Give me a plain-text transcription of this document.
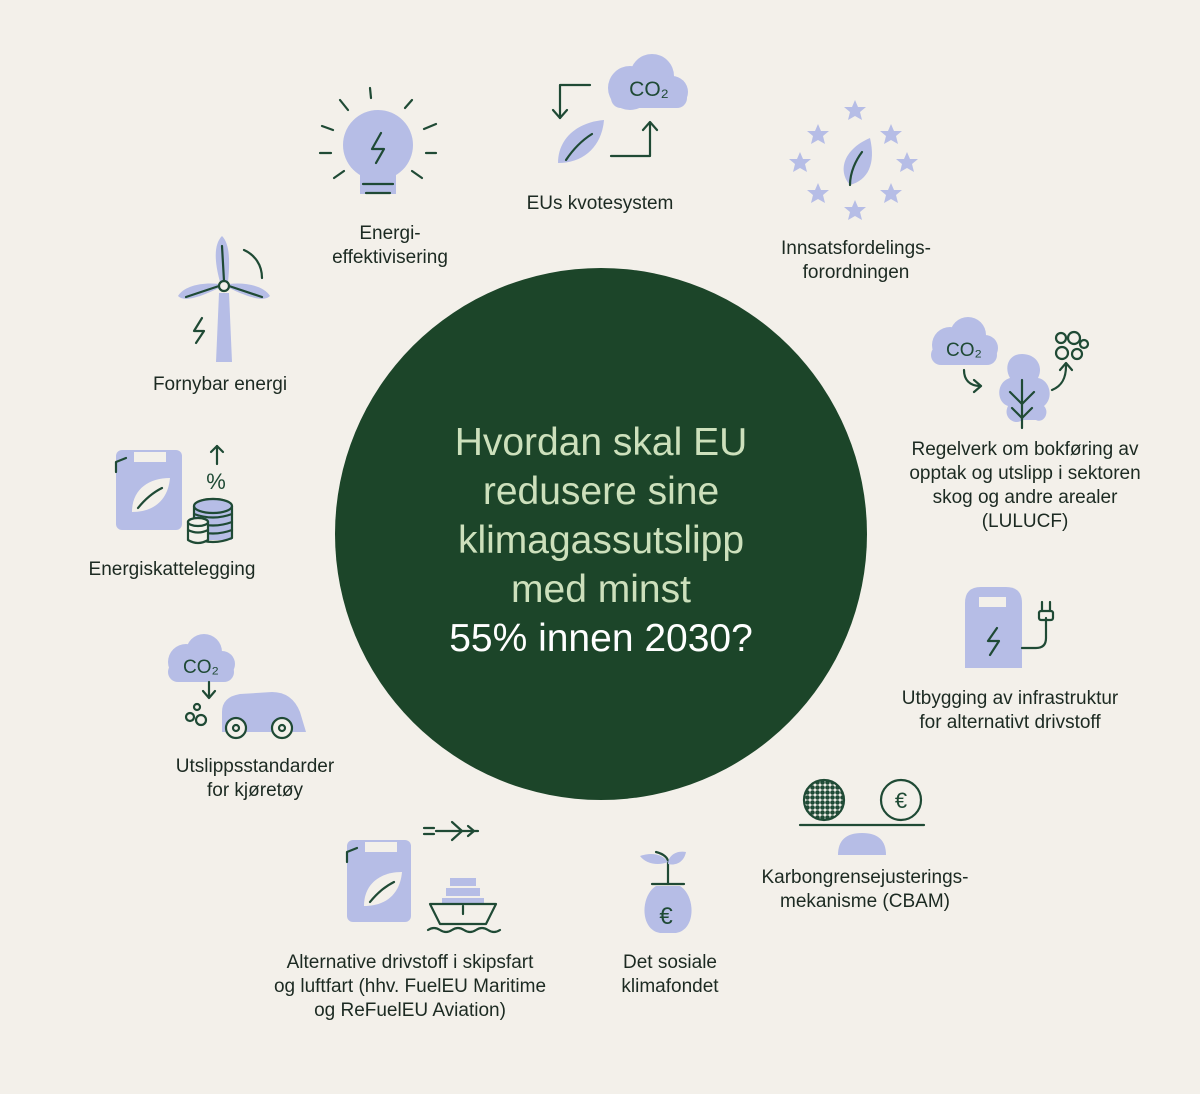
CO₂
CO₂
€
€
CO₂
%
Hvordan skal EU
redusere sine
klimagassutslipp
med minst
55% innen 2030?
EUs kvotesystem
Innsatsfordelings-
forordningen
Regelverk om bokføring av
opptak og utslipp i sektoren
skog og andre arealer
(LULUCF)
Utbygging av infrastruktur
for alternativt drivstoff
Karbongrensejusterings-
mekanisme (CBAM)
Det sosiale
klimafondet
Alternative drivstoff i skipsfart
og luftfart (hhv. FuelEU Maritime
og ReFuelEU Aviation)
Utslippsstandarder
for kjøretøy
Energiskattelegging
Fornybar energi
Energi-
effektivisering
